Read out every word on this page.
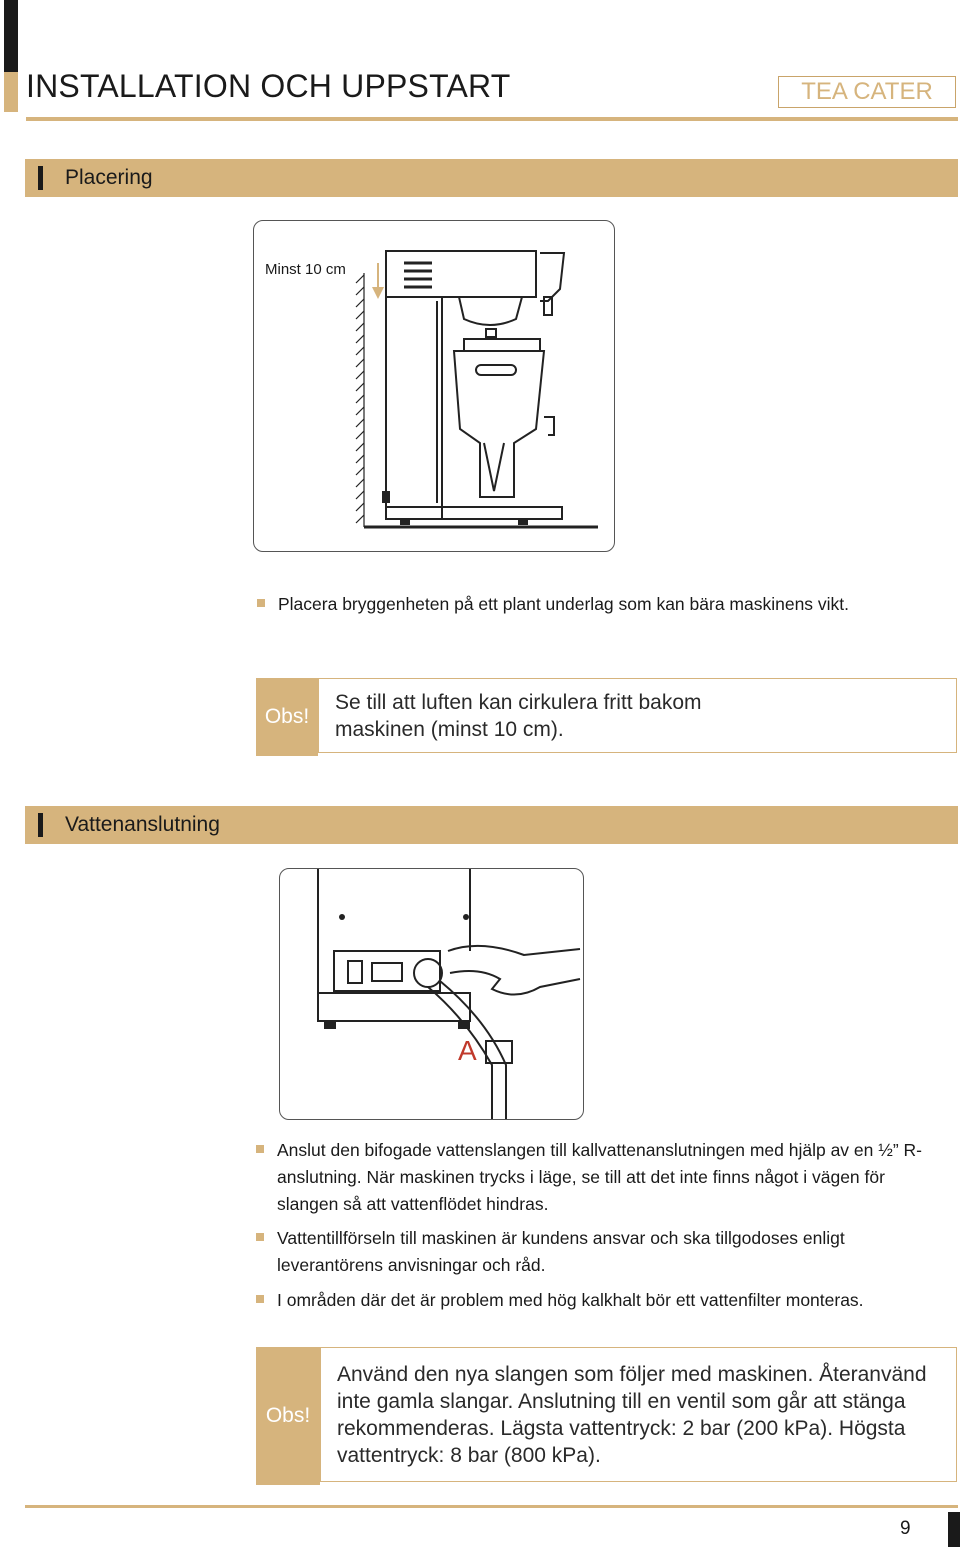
INSTALLATION OCH UPPSTART	TEA CATER
Placering
Minst 10 cm
Placera bryggenheten på ett plant underlag som kan bära maskinens vikt.
Obs!
Se till att luften kan cirkulera fritt bakom maskinen (minst 10 cm).
Vattenanslutning
A
Anslut den bifogade vattenslangen till kallvattenanslutningen med hjälp av en ½” R-anslutning. När maskinen trycks i läge, se till att det inte finns något i vägen för slangen så att vattenflödet hindras.
Vattentillförseln till maskinen är kundens ansvar och ska tillgodoses enligt leverantörens anvisningar och råd.
I områden där det är problem med hög kalkhalt bör ett vattenfilter monteras.
Obs!
Använd den nya slangen som följer med maskinen. Återanvänd inte gamla slangar. Anslutning till en ventil som går att stänga rekommenderas. Lägsta vattentryck: 2 bar (200 kPa). Högsta vattentryck: 8 bar (800 kPa).
9
